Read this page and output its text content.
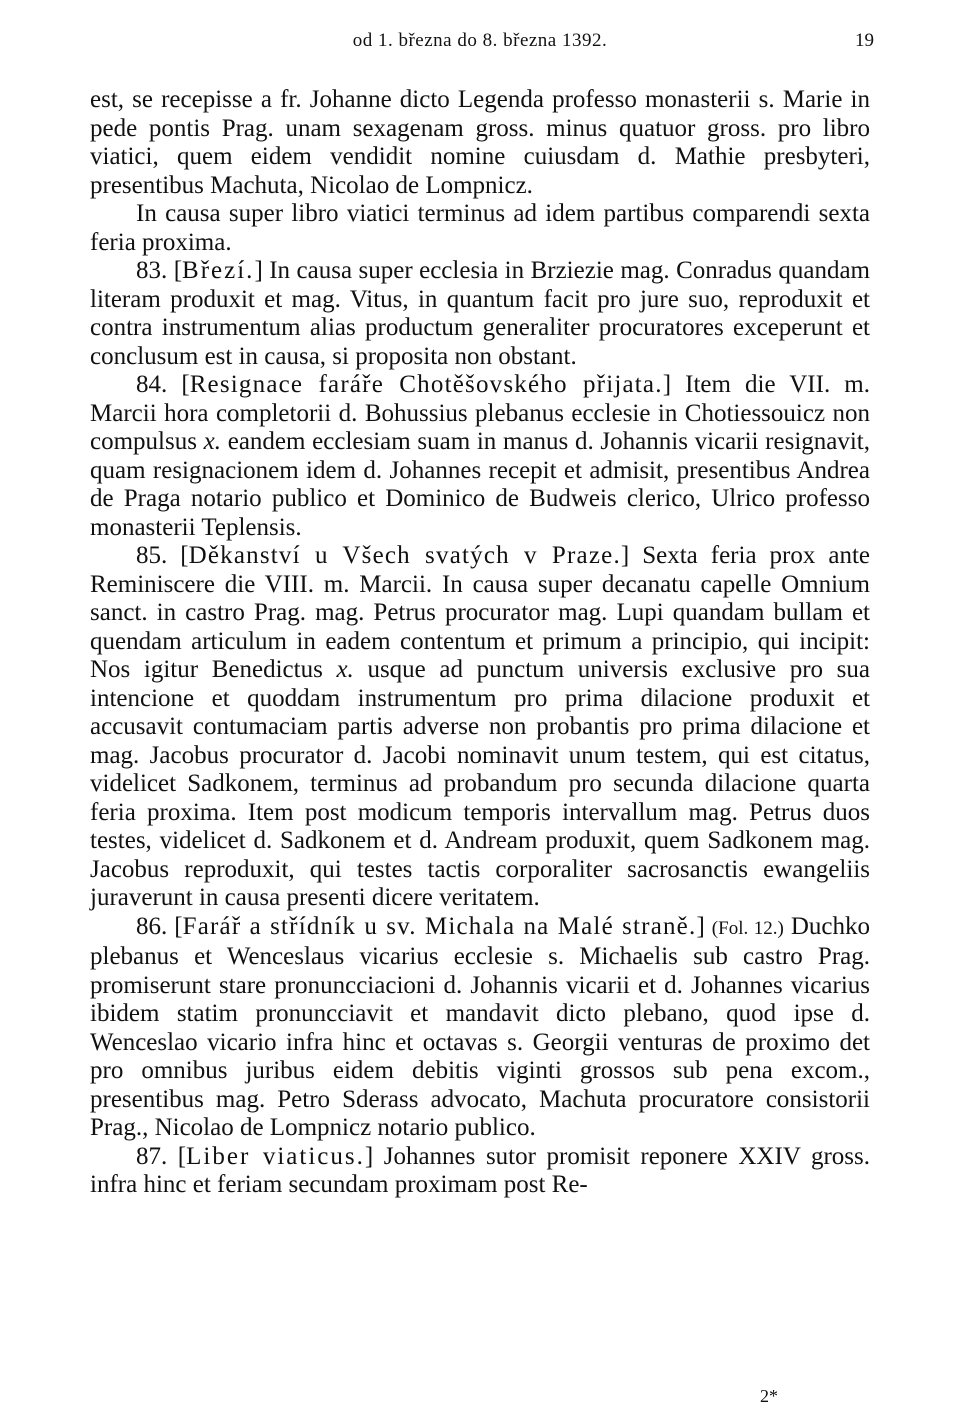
od 1. března do 8. března 1392.	19

est, se recepisse a fr. Johanne dicto Legenda professo monasterii s. Marie in pede pontis Prag. unam sexagenam gross. minus quatuor gross. pro libro viatici, quem eidem vendidit nomine cuiusdam d. Mathie presbyteri, presentibus Machuta, Nicolao de Lompnicz.

In causa super libro viatici terminus ad idem partibus comparendi sexta feria proxima.

83. [Březí.] In causa super ecclesia in Brziezie mag. Conradus quandam literam produxit et mag. Vitus, in quantum facit pro jure suo, reproduxit et contra instrumentum alias productum generaliter procuratores exceperunt et conclusum est in causa, si proposita non obstant.

84. [Resignace faráře Chotěšovského přijata.] Item die VII. m. Marcii hora completorii d. Bohussius plebanus ecclesie in Chotiessouicz non compulsus x. eandem ecclesiam suam in manus d. Johannis vicarii resignavit, quam resignacionem idem d. Johannes recepit et admisit, presentibus Andrea de Praga notario publico et Dominico de Budweis clerico, Ulrico professo monasterii Teplensis.

85. [Děkanství u Všech svatých v Praze.] Sexta feria prox ante Reminiscere die VIII. m. Marcii. In causa super decanatu capelle Omnium sanct. in castro Prag. mag. Petrus procurator mag. Lupi quandam bullam et quendam articulum in eadem contentum et primum a principio, qui incipit: Nos igitur Benedictus x. usque ad punctum universis exclusive pro sua intencione et quoddam instrumentum pro prima dilacione produxit et accusavit contumaciam partis adverse non probantis pro prima dilacione et mag. Jacobus procurator d. Jacobi nominavit unum testem, qui est citatus, videlicet Sadkonem, terminus ad probandum pro secunda dilacione quarta feria proxima. Item post modicum temporis intervallum mag. Petrus duos testes, videlicet d. Sadkonem et d. Andream produxit, quem Sadkonem mag. Jacobus reproduxit, qui testes tactis corporaliter sacrosanctis ewangeliis juraverunt in causa presenti dicere veritatem.

86. [Farář a střídník u sv. Michala na Malé straně.] (Fol. 12.) Duchko plebanus et Wenceslaus vicarius ecclesie s. Michaelis sub castro Prag. promiserunt stare pronuncciacioni d. Johannis vicarii et d. Johannes vicarius ibidem statim pronuncciavit et mandavit dicto plebano, quod ipse d. Wenceslao vicario infra hinc et octavas s. Georgii venturas de proximo det pro omnibus juribus eidem debitis viginti grossos sub pena excom., presentibus mag. Petro Sderass advocato, Machuta procuratore consistorii Prag., Nicolao de Lompnicz notario publico.

87. [Liber viaticus.] Johannes sutor promisit reponere XXIV gross. infra hinc et feriam secundam proximam post Re-

2*
